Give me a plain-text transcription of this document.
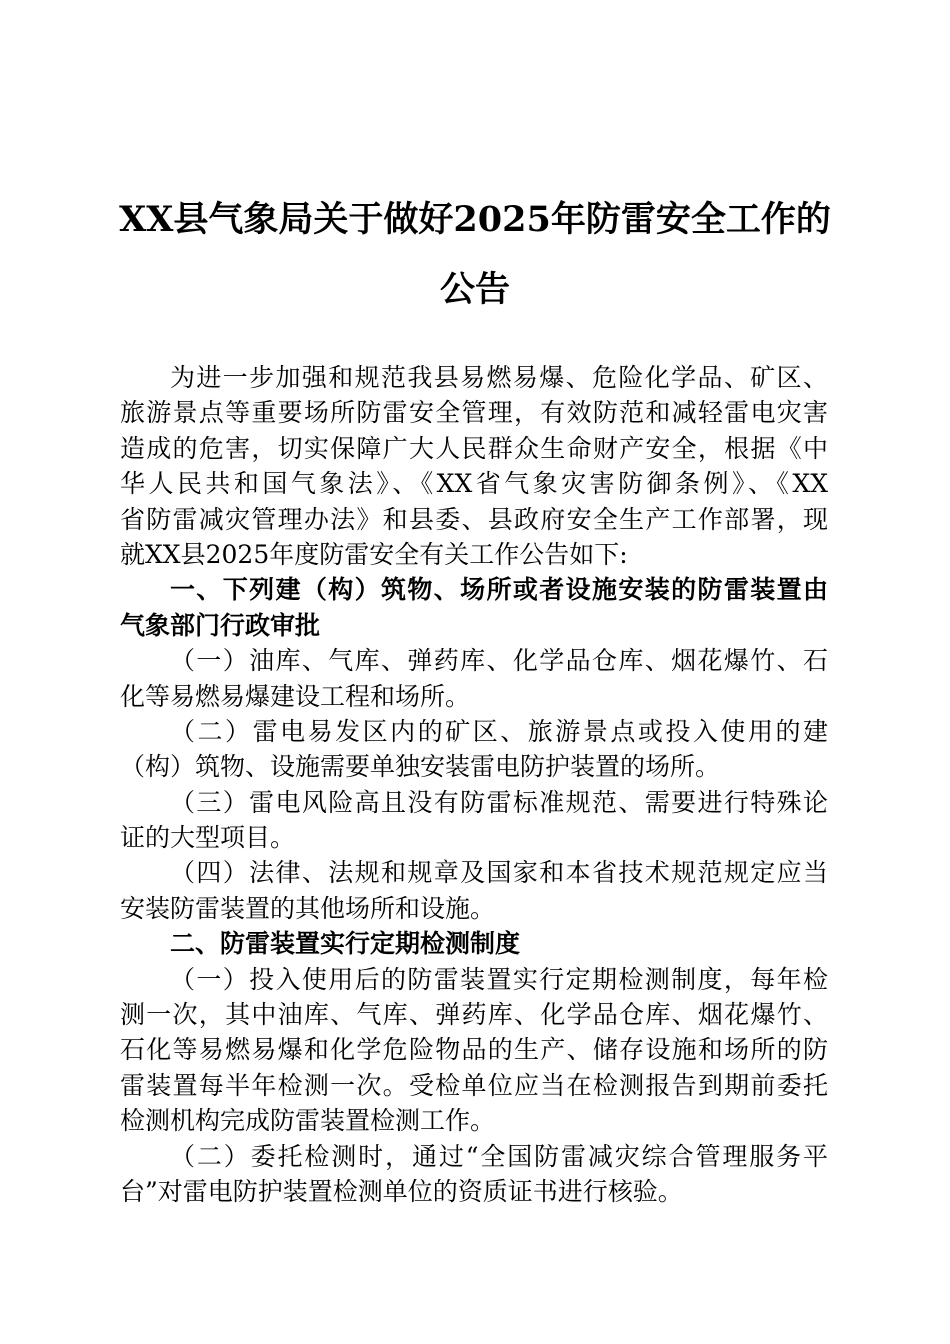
XX县气象局关于做好2025年防雷安全工作的
公告
为进一步加强和规范我县易燃易爆、危险化学品、矿区、
旅游景点等重要场所防雷安全管理，有效防范和减轻雷电灾害
造成的危害，切实保障广大人民群众生命财产安全，根据《中
华人民共和国气象法》、《XX省气象灾害防御条例》、《XX
省防雷减灾管理办法》和县委、县政府安全生产工作部署，现
就XX县2025年度防雷安全有关工作公告如下:
一、下列建（构）筑物、场所或者设施安装的防雷装置由
气象部门行政审批
（一）油库、气库、弹药库、化学品仓库、烟花爆竹、石
化等易燃易爆建设工程和场所。
（二）雷电易发区内的矿区、旅游景点或投入使用的建
（构）筑物、设施需要单独安装雷电防护装置的场所。
（三）雷电风险高且没有防雷标准规范、需要进行特殊论
证的大型项目。
（四）法律、法规和规章及国家和本省技术规范规定应当
安装防雷装置的其他场所和设施。
二、防雷装置实行定期检测制度
（一）投入使用后的防雷装置实行定期检测制度，每年检
测一次，其中油库、气库、弹药库、化学品仓库、烟花爆竹、
石化等易燃易爆和化学危险物品的生产、储存设施和场所的防
雷装置每半年检测一次。受检单位应当在检测报告到期前委托
检测机构完成防雷装置检测工作。
（二）委托检测时，通过“全国防雷减灾综合管理服务平
台”对雷电防护装置检测单位的资质证书进行核验。
